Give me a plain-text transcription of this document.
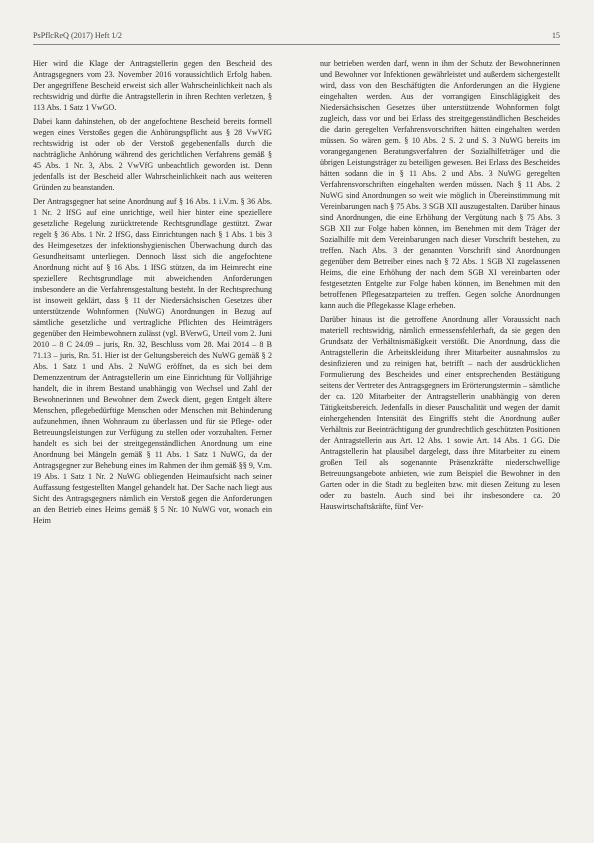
PsPflcReQ (2017) Heft 1/2	15

Hier wird die Klage der Antragstellerin gegen den Bescheid des Antragsgegners vom 23. November 2016 voraussichtlich Erfolg haben. Der angegriffene Bescheid erweist sich aller Wahrscheinlichkeit nach als rechtswidrig und dürfte die Antragstellerin in ihren Rechten verletzen, § 113 Abs. 1 Satz 1 VwGO.

Dabei kann dahinstehen, ob der angefochtene Bescheid bereits formell wegen eines Verstoßes gegen die Anhörungspflicht aus § 28 VwVfG rechtswidrig ist oder ob der Verstoß gegebenenfalls durch die nachträgliche Anhörung während des gerichtlichen Verfahrens gemäß § 45 Abs. 1 Nr. 3, Abs. 2 VwVfG unbeachtlich geworden ist. Denn jedenfalls ist der Bescheid aller Wahrscheinlichkeit nach aus weiteren Gründen zu beanstanden.

Der Antragsgegner hat seine Anordnung auf § 16 Abs. 1 i.V.m. § 36 Abs. 1 Nr. 2 IfSG auf eine unrichtige, weil hier hinter eine speziellere gesetzliche Regelung zurücktretende Rechtsgrundlage gestützt. Zwar regelt § 36 Abs. 1 Nr. 2 IfSG, dass Einrichtungen nach § 1 Abs. 1 bis 3 des Heimgesetzes der infektionshygienischen Überwachung durch das Gesundheitsamt unterliegen. Dennoch lässt sich die angefochtene Anordnung nicht auf § 16 Abs. 1 IfSG stützen, da im Heimrecht eine speziellere Rechtsgrundlage mit abweichenden Anforderungen insbesondere an die Verfahrensgestaltung besteht. In der Rechtsprechung ist insoweit geklärt, dass § 11 der Niedersächsischen Gesetzes über unterstützende Wohnformen (NuWG) Anordnungen in Bezug auf sämtliche gesetzliche und vertragliche Pflichten des Heimträgers gegenüber den Heimbewohnern zulässt (vgl. BVerwG, Urteil vom 2. Juni 2010 – 8 C 24.09 – juris, Rn. 32, Beschluss vom 28. Mai 2014 – 8 B 71.13 – juris, Rn. 51. Hier ist der Geltungsbereich des NuWG gemäß § 2 Abs. 1 Satz 1 und Abs. 2 NuWG eröffnet, da es sich bei dem Demenzzentrum der Antragstellerin um eine Einrichtung für Volljährige handelt, die in ihrem Bestand unabhängig von Wechsel und Zahl der Bewohnerinnen und Bewohner dem Zweck dient, gegen Entgelt ältere Menschen, pflegebedürftige Menschen oder Menschen mit Behinderung aufzunehmen, ihnen Wohnraum zu überlassen und für sie Pflege- oder Betreuungsleistungen zur Verfügung zu stellen oder vorzuhalten. Ferner handelt es sich bei der streitgegenständlichen Anordnung um eine Anordnung bei Mängeln gemäß § 11 Abs. 1 Satz 1 NuWG, da der Antragsgegner zur Behebung eines im Rahmen der ihm gemäß §§ 9, V.m. 19 Abs. 1 Satz 1 Nr. 2 NuWG obliegenden Heimaufsicht nach seiner Auffassung festgestellten Mangel gehandelt hat. Der Sache nach liegt aus Sicht des Antragsgegners nämlich ein Verstoß gegen die Anforderungen an den Betrieb eines Heims gemäß § 5 Nr. 10 NuWG vor, wonach ein Heim

nur betrieben werden darf, wenn in ihm der Schutz der Bewohnerinnen und Bewohner vor Infektionen gewährleistet und außerdem sichergestellt wird, dass von den Beschäftigten die Anforderungen an die Hygiene eingehalten werden. Aus der vorrangigen Einschlägigkeit des Niedersächsischen Gesetzes über unterstützende Wohnformen folgt zugleich, dass vor und bei Erlass des streitgegenständlichen Bescheides die darin geregelten Verfahrensvorschriften hätten eingehalten werden müssen. So wären gem. § 10 Abs. 2 S. 2 und S. 3 NuWG bereits im vorangegangenen Beratungsverfahren der Sozialhilfeträger und die übrigen Leistungsträger zu beteiligen gewesen. Bei Erlass des Bescheides hätten sodann die in § 11 Abs. 2 und Abs. 3 NuWG geregelten Verfahrensvorschriften eingehalten werden müssen. Nach § 11 Abs. 2 NuWG sind Anordnungen so weit wie möglich in Übereinstimmung mit Vereinbarungen nach § 75 Abs. 3 SGB XII auszugestalten. Darüber hinaus sind Anordnungen, die eine Erhöhung der Vergütung nach § 75 Abs. 3 SGB XII zur Folge haben können, im Benehmen mit dem Träger der Sozialhilfe mit dem Vereinbarungen nach dieser Vorschrift bestehen, zu treffen. Nach Abs. 3 der genannten Vorschrift sind Anordnungen gegenüber dem Betreiber eines nach § 72 Abs. 1 SGB XI zugelassenen Heims, die eine Erhöhung der nach dem SGB XI vereinbarten oder festgesetzten Entgelte zur Folge haben können, im Benehmen mit den betroffenen Pflegesatzparteien zu treffen. Gegen solche Anordnungen kann auch die Pflegekasse Klage erheben.

Darüber hinaus ist die getroffene Anordnung aller Voraussicht nach materiell rechtswidrig, nämlich ermessensfehlerhaft, da sie gegen den Grundsatz der Verhältnismäßigkeit verstößt. Die Anordnung, dass die Antragstellerin die Arbeitskleidung ihrer Mitarbeiter ausnahmslos zu desinfizieren und zu reinigen hat, betrifft – nach der ausdrücklichen Formulierung des Bescheides und einer entsprechenden Bestätigung seitens der Vertreter des Antragsgegners im Erörterungstermin – sämtliche der ca. 120 Mitarbeiter der Antragstellerin unabhängig von deren Tätigkeitsbereich. Jedenfalls in dieser Pauschalität und wegen der damit einhergehenden Intensität des Eingriffs steht die Anordnung außer Verhältnis zur Beeinträchtigung der grundrechtlich geschützten Positionen der Antragstellerin aus Art. 12 Abs. 1 sowie Art. 14 Abs. 1 GG. Die Antragstellerin hat plausibel dargelegt, dass ihre Mitarbeiter zu einem großen Teil als sogenannte Präsenzkräfte niederschwellige Betreuungsangebote anbieten, wie zum Beispiel die Bewohner in den Garten oder in die Stadt zu begleiten bzw. mit diesen Zeitung zu lesen oder zu basteln. Auch sind bei ihr insbesondere ca. 20 Hauswirtschaftskräfte, fünf Ver-
